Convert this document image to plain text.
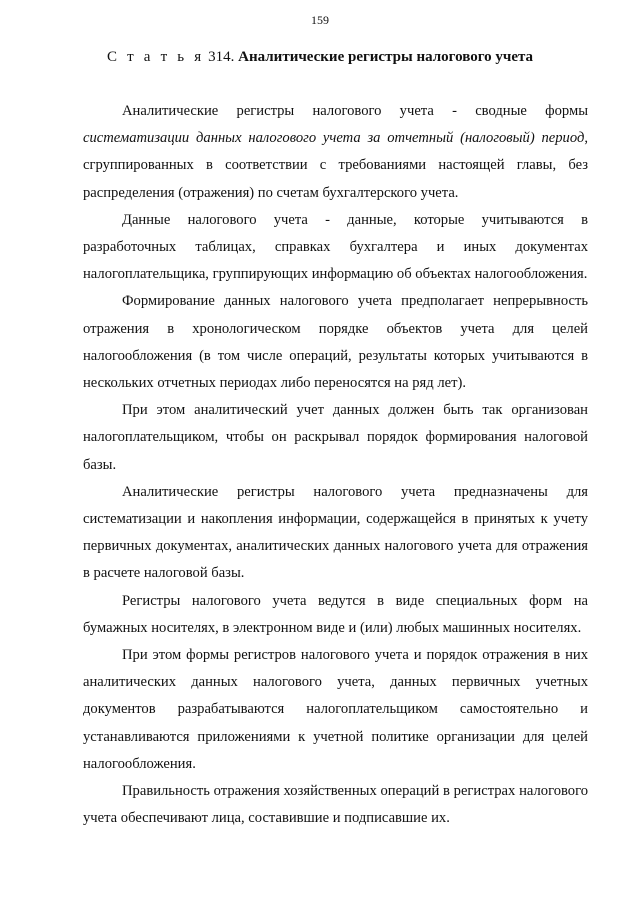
159
С т а т ь я 314. Аналитические регистры налогового учета

Аналитические регистры налогового учета - сводные формы систематизации данных налогового учета за отчетный (налоговый) период, сгруппированных в соответствии с требованиями настоящей главы, без распределения (отражения) по счетам бухгалтерского учета.

Данные налогового учета - данные, которые учитываются в разработочных таблицах, справках бухгалтера и иных документах налогоплательщика, группирующих информацию об объектах налогообложения.

Формирование данных налогового учета предполагает непрерывность отражения в хронологическом порядке объектов учета для целей налогообложения (в том числе операций, результаты которых учитываются в нескольких отчетных периодах либо переносятся на ряд лет).

При этом аналитический учет данных должен быть так организован налогоплательщиком, чтобы он раскрывал порядок формирования налоговой базы.

Аналитические регистры налогового учета предназначены для систематизации и накопления информации, содержащейся в принятых к учету первичных документах, аналитических данных налогового учета для отражения в расчете налоговой базы.

Регистры налогового учета ведутся в виде специальных форм на бумажных носителях, в электронном виде и (или) любых машинных носителях.

При этом формы регистров налогового учета и порядок отражения в них аналитических данных налогового учета, данных первичных учетных документов разрабатываются налогоплательщиком самостоятельно и устанавливаются приложениями к учетной политике организации для целей налогообложения.

Правильность отражения хозяйственных операций в регистрах налогового учета обеспечивают лица, составившие и подписавшие их.
